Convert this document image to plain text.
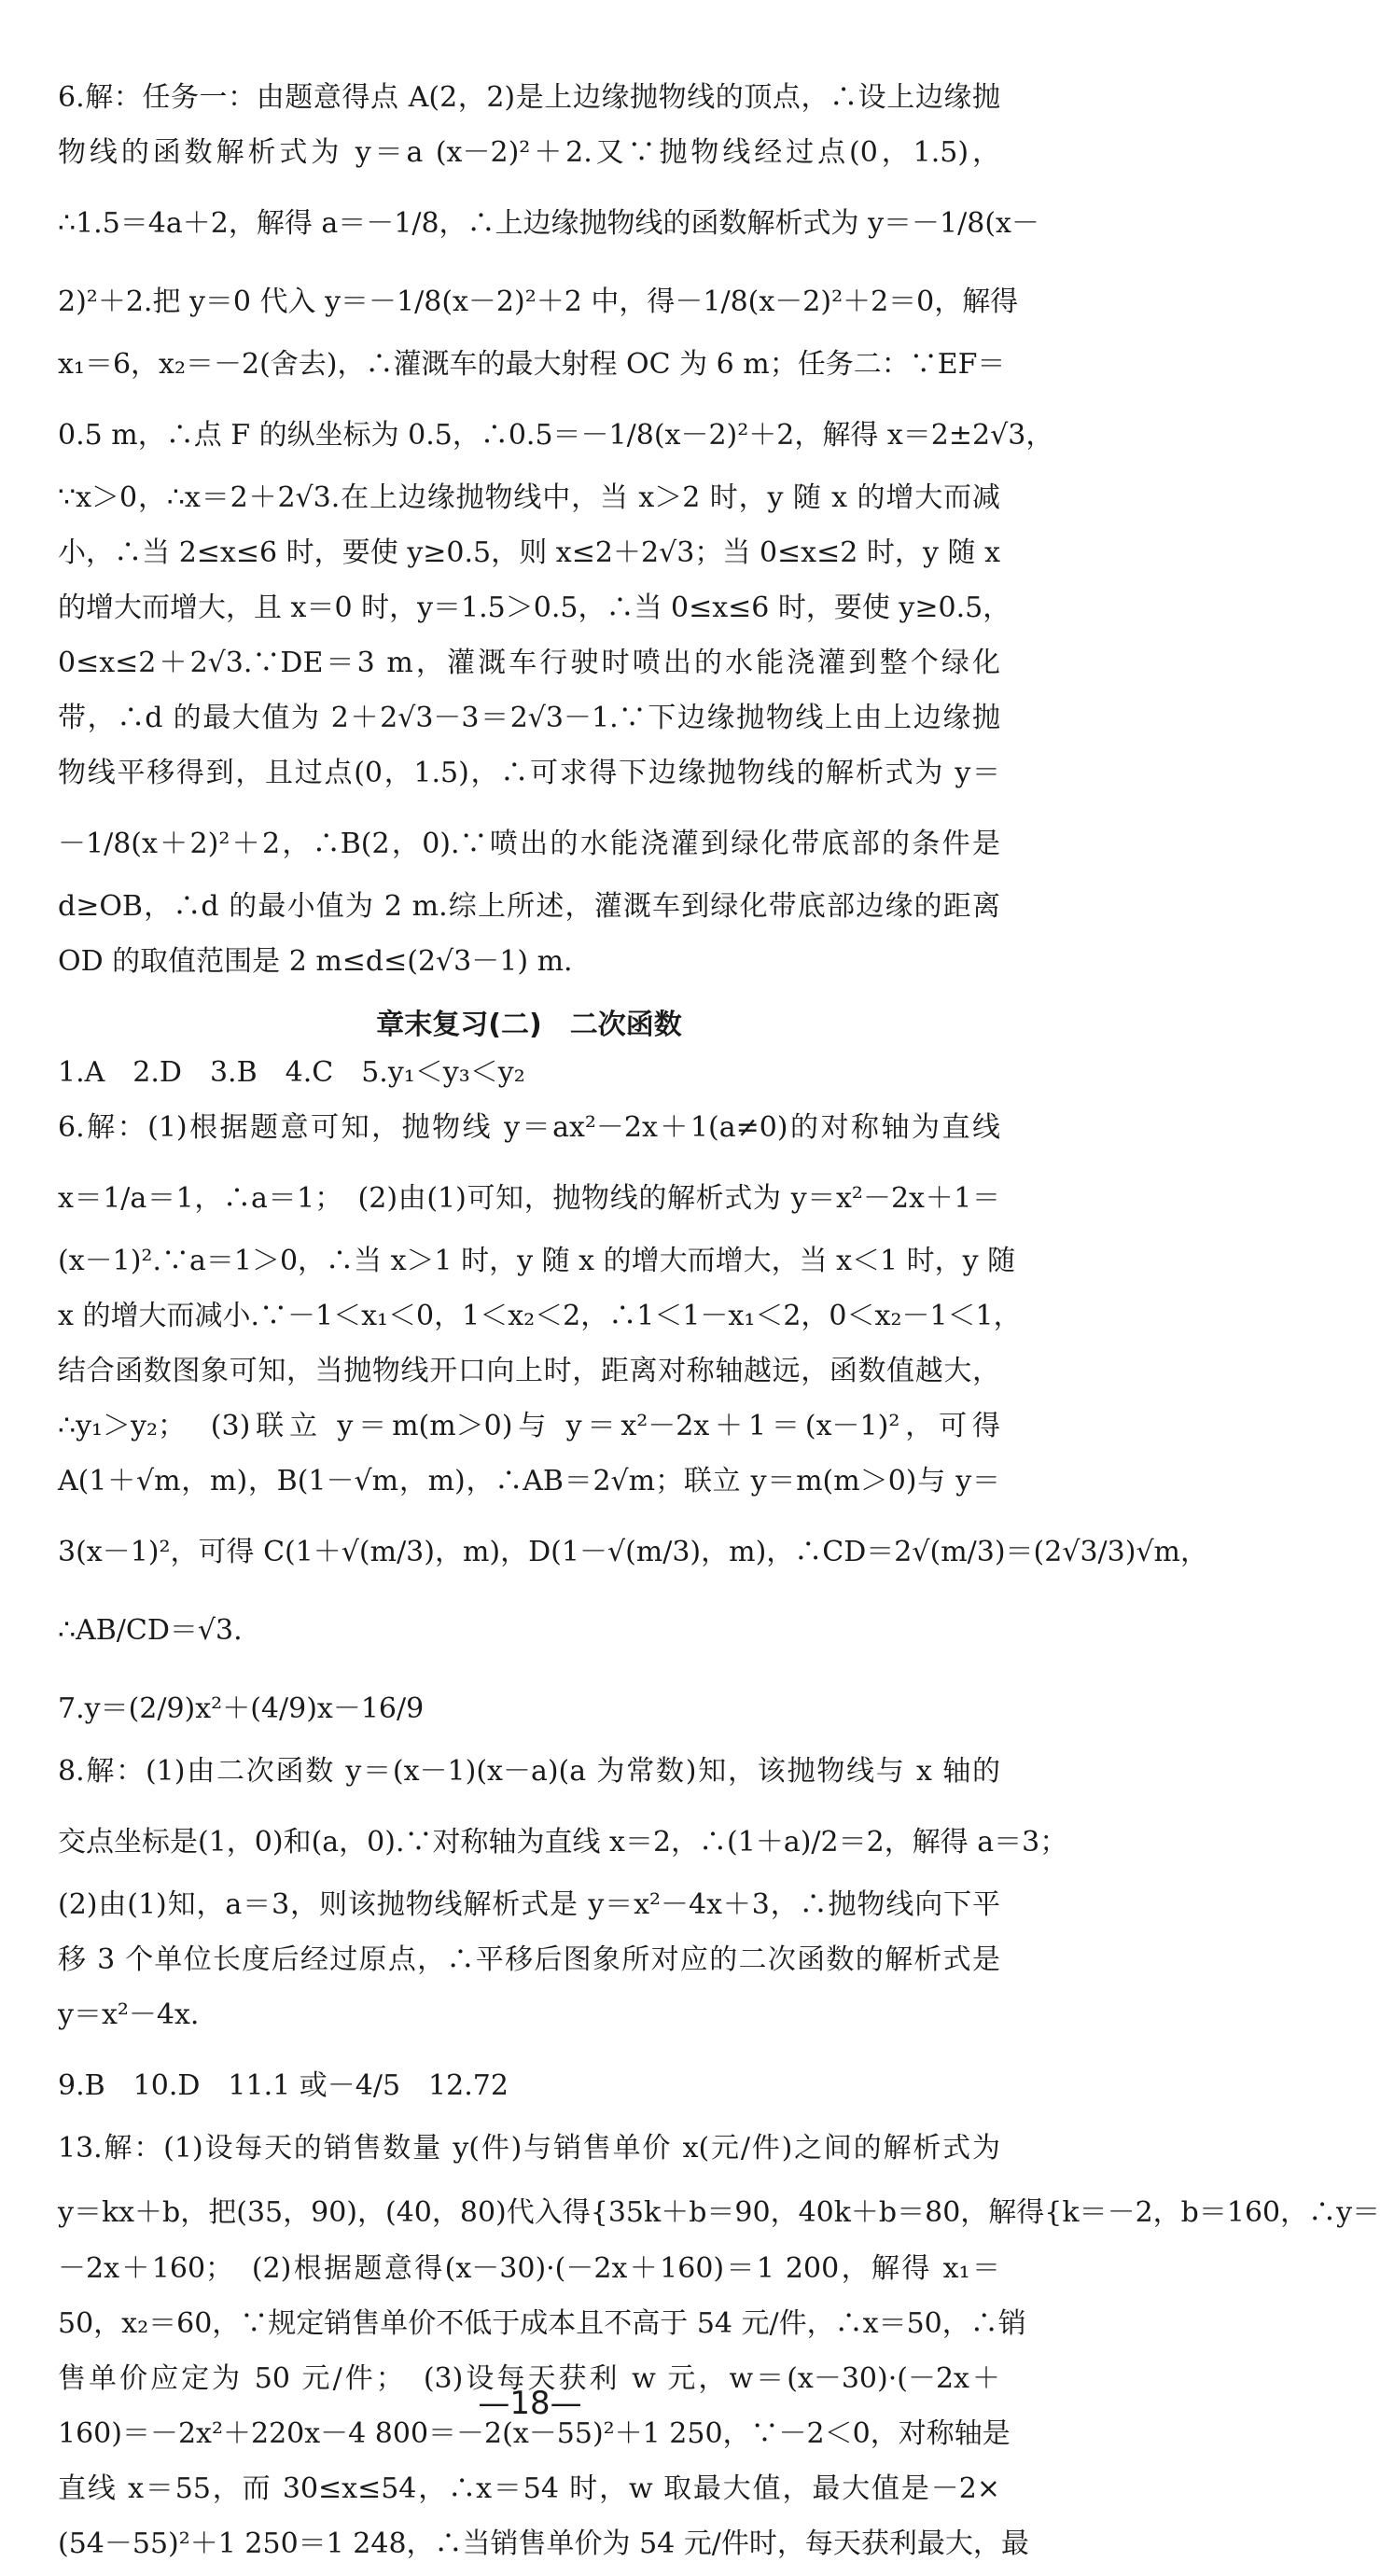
6.解：任务一：由题意得点 A(2，2)是上边缘抛物线的顶点，∴设上边缘抛
物线的函数解析式为 y＝a (x－2)²＋2.又∵抛物线经过点(0，1.5)，
∴1.5＝4a＋2，解得 a＝－1/8，∴上边缘抛物线的函数解析式为 y＝－1/8(x－
2)²＋2.把 y＝0 代入 y＝－1/8(x－2)²＋2 中，得－1/8(x－2)²＋2＝0，解得
x₁＝6，x₂＝－2(舍去)，∴灌溉车的最大射程 OC 为 6 m；任务二：∵EF＝
0.5 m，∴点 F 的纵坐标为 0.5，∴0.5＝－1/8(x－2)²＋2，解得 x＝2±2√3，
∵x＞0，∴x＝2＋2√3.在上边缘抛物线中，当 x＞2 时，y 随 x 的增大而减
小，∴当 2≤x≤6 时，要使 y≥0.5，则 x≤2＋2√3；当 0≤x≤2 时，y 随 x
的增大而增大，且 x＝0 时，y＝1.5＞0.5，∴当 0≤x≤6 时，要使 y≥0.5，
0≤x≤2＋2√3.∵DE＝3 m，灌溉车行驶时喷出的水能浇灌到整个绿化
带，∴d 的最大值为 2＋2√3－3＝2√3－1.∵下边缘抛物线上由上边缘抛
物线平移得到，且过点(0，1.5)，∴可求得下边缘抛物线的解析式为 y＝
－1/8(x＋2)²＋2，∴B(2，0).∵喷出的水能浇灌到绿化带底部的条件是
d≥OB，∴d 的最小值为 2 m.综上所述，灌溉车到绿化带底部边缘的距离
OD 的取值范围是 2 m≤d≤(2√3－1) m.
章末复习(二)　二次函数
1.A　2.D　3.B　4.C　5.y₁＜y₃＜y₂
6.解：(1)根据题意可知，抛物线 y＝ax²－2x＋1(a≠0)的对称轴为直线
x＝1/a＝1，∴a＝1；　(2)由(1)可知，抛物线的解析式为 y＝x²－2x＋1＝
(x－1)².∵a＝1＞0，∴当 x＞1 时，y 随 x 的增大而增大，当 x＜1 时，y 随
x 的增大而减小.∵－1＜x₁＜0，1＜x₂＜2，∴1＜1－x₁＜2，0＜x₂－1＜1，
结合函数图象可知，当抛物线开口向上时，距离对称轴越远，函数值越大，
∴y₁＞y₂；　(3)联立 y＝m(m＞0)与 y＝x²－2x＋1＝(x－1)²，可得
A(1＋√m，m)，B(1－√m，m)，∴AB＝2√m；联立 y＝m(m＞0)与 y＝
3(x－1)²，可得 C(1＋√(m/3)，m)，D(1－√(m/3)，m)，∴CD＝2√(m/3)＝(2√3/3)√m，
∴AB/CD＝√3.
7.y＝(2/9)x²＋(4/9)x－16/9
8.解：(1)由二次函数 y＝(x－1)(x－a)(a 为常数)知，该抛物线与 x 轴的
交点坐标是(1，0)和(a，0).∵对称轴为直线 x＝2，∴(1＋a)/2＝2，解得 a＝3；
(2)由(1)知，a＝3，则该抛物线解析式是 y＝x²－4x＋3，∴抛物线向下平
移 3 个单位长度后经过原点，∴平移后图象所对应的二次函数的解析式是
y＝x²－4x.
9.B　10.D　11.1 或－4/5　12.72
13.解：(1)设每天的销售数量 y(件)与销售单价 x(元/件)之间的解析式为
y＝kx＋b，把(35，90)，(40，80)代入得{35k＋b＝90，40k＋b＝80，解得{k＝－2，b＝160，∴y＝
－2x＋160；　(2)根据题意得(x－30)·(－2x＋160)＝1 200，解得 x₁＝
50，x₂＝60，∵规定销售单价不低于成本且不高于 54 元/件，∴x＝50，∴销
售单价应定为 50 元/件；　(3)设每天获利 w 元，w＝(x－30)·(－2x＋
160)＝－2x²＋220x－4 800＝－2(x－55)²＋1 250，∵－2＜0，对称轴是
直线 x＝55，而 30≤x≤54，∴x＝54 时，w 取最大值，最大值是－2×
(54－55)²＋1 250＝1 248，∴当销售单价为 54 元/件时，每天获利最大，最
—18—
